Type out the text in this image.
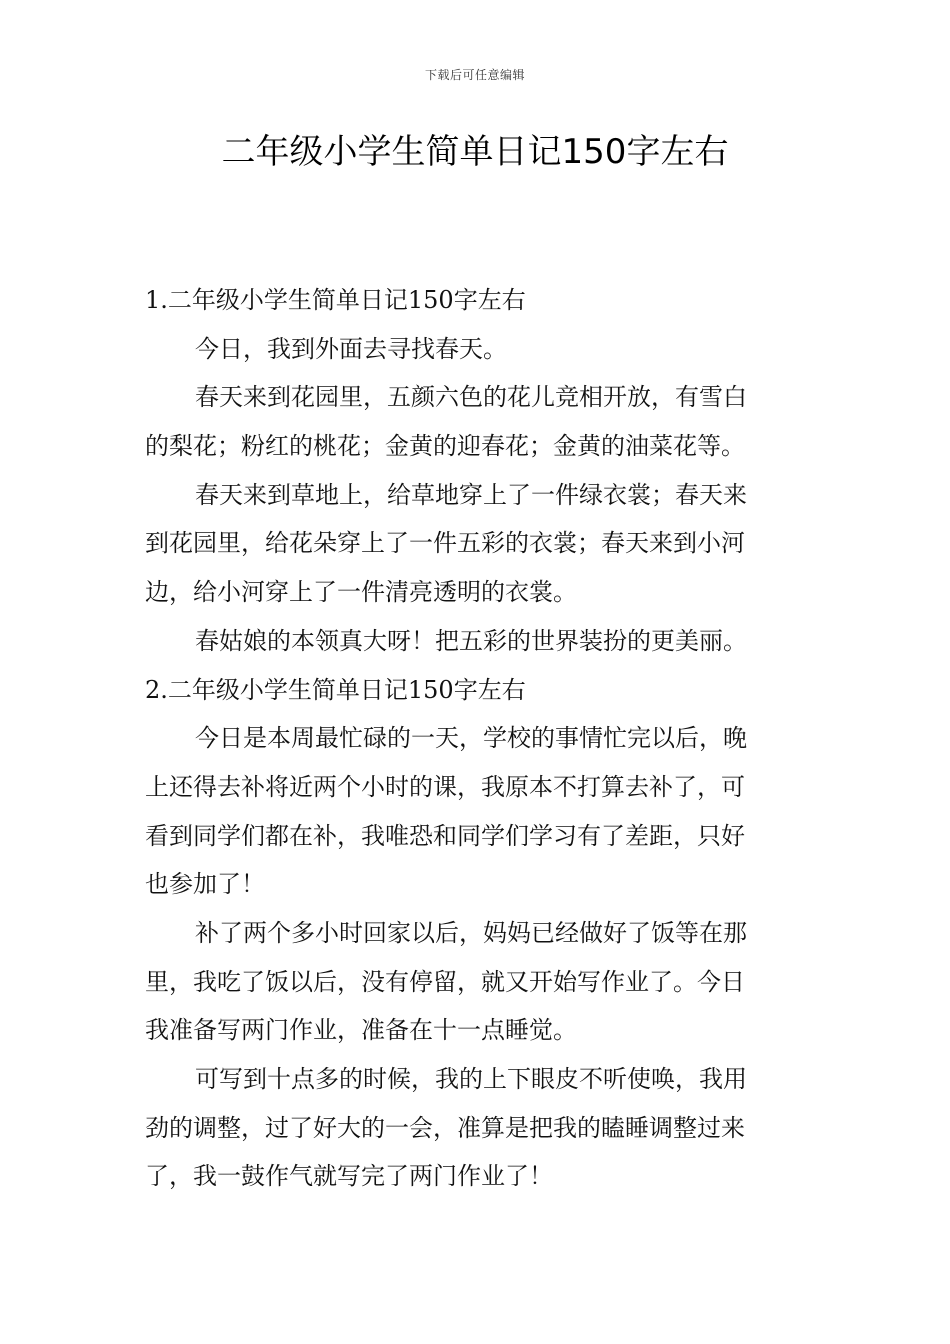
下载后可任意编辑
二年级小学生简单日记150字左右
1.二年级小学生简单日记150字左右
今日，我到外面去寻找春天。
春天来到花园里，五颜六色的花儿竞相开放，有雪白
的梨花；粉红的桃花；金黄的迎春花；金黄的油菜花等。
春天来到草地上，给草地穿上了一件绿衣裳；春天来
到花园里，给花朵穿上了一件五彩的衣裳；春天来到小河
边，给小河穿上了一件清亮透明的衣裳。
春姑娘的本领真大呀！把五彩的世界装扮的更美丽。
2.二年级小学生简单日记150字左右
今日是本周最忙碌的一天，学校的事情忙完以后，晚
上还得去补将近两个小时的课，我原本不打算去补了，可
看到同学们都在补，我唯恐和同学们学习有了差距，只好
也参加了！
补了两个多小时回家以后，妈妈已经做好了饭等在那
里，我吃了饭以后，没有停留，就又开始写作业了。今日
我准备写两门作业，准备在十一点睡觉。
可写到十点多的时候，我的上下眼皮不听使唤，我用
劲的调整，过了好大的一会，准算是把我的瞌睡调整过来
了，我一鼓作气就写完了两门作业了！
